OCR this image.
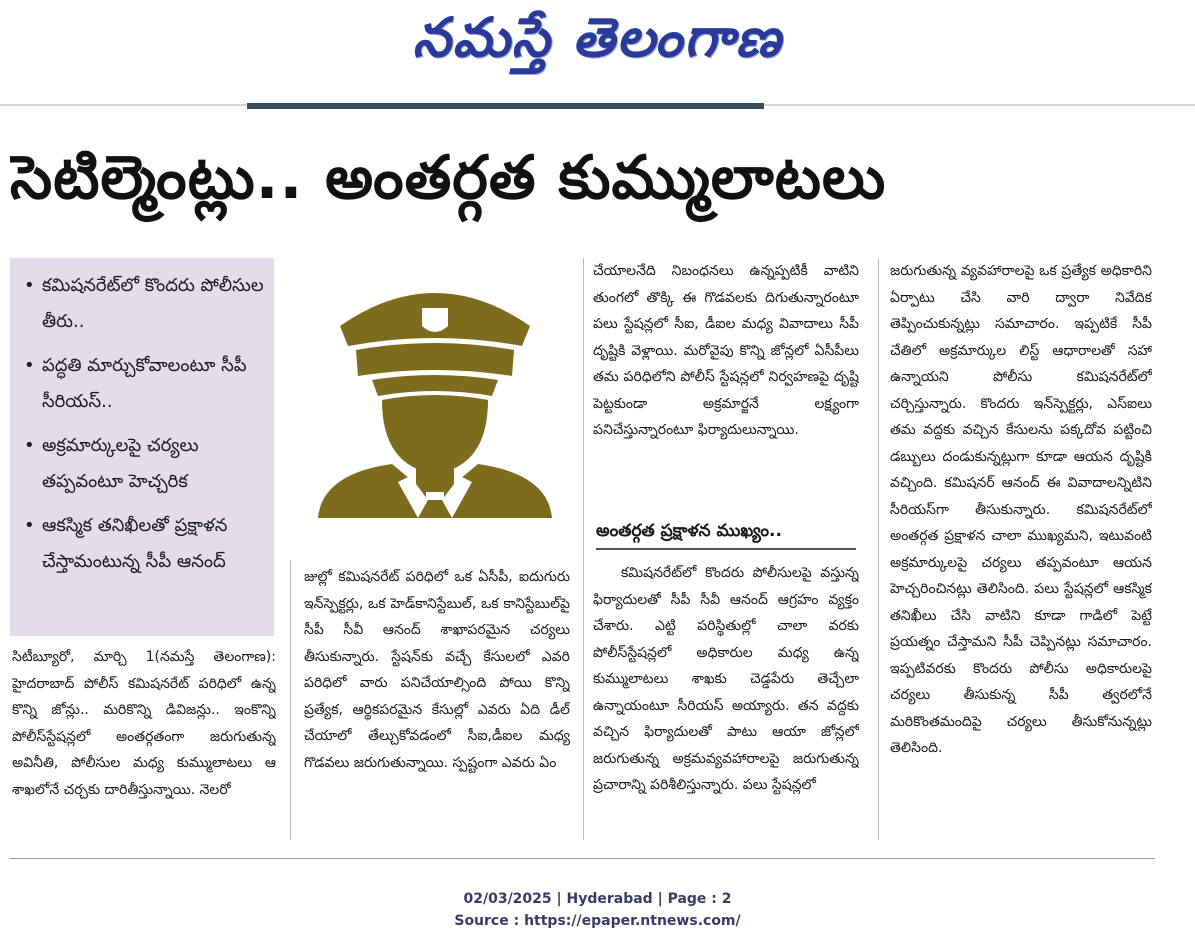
నమస్తే తెలంగాణ
సెటిల్మెంట్లు.. అంతర్గత కుమ్ములాటలు
• కమిషనరేట్‌లో కొందరు పోలీసుల తీరు..
• పద్ధతి మార్చుకోవాలంటూ సీపీ సీరియస్..
• అక్రమార్కులపై చర్యలు తప్పవంటూ హెచ్చరిక
• ఆకస్మిక తనిఖీలతో ప్రక్షాళన చేస్తామంటున్న సీపీ ఆనంద్

సిటీబ్యూరో, మార్చి 1(నమస్తే తెలంగాణ): హైదరాబాద్ పోలీస్ కమిషనరేట్ పరిధిలో ఉన్న కొన్ని జోన్లు.. మరికొన్ని డివిజన్లు.. ఇంకొన్ని పోలీస్‌స్టేషన్లలో అంతర్గతంగా జరుగుతున్న అవినీతి, పోలీసుల మధ్య కుమ్ములాటలు ఆ శాఖలోనే చర్చకు దారితీస్తున్నాయి. నెలరో

జుల్లో కమిషనరేట్ పరిధిలో ఒక ఏసీపీ, ఐదుగురు ఇన్‌స్పెక్టర్లు, ఒక హెడ్‌కానిస్టేబుల్, ఒక కానిస్టేబుల్‌పై సీపీ సీవీ ఆనంద్ శాఖాపరమైన చర్యలు తీసుకున్నారు. స్టేషన్‌కు వచ్చే కేసులలో ఎవరి పరిధిలో వారు పనిచేయాల్సింది పోయి కొన్ని ప్రత్యేక, ఆర్థికపరమైన కేసుల్లో ఎవరు ఏది డీల్ చేయాలో తేల్చుకోవడంలో సీఐ,డీఐల మధ్య గొడవలు జరుగుతున్నాయి. స్పష్టంగా ఎవరు ఏం

చేయాలనేది నిబంధనలు ఉన్నప్పటికీ వాటిని తుంగలో తొక్కి ఈ గొడవలకు దిగుతున్నారంటూ పలు స్టేషన్లలో సీఐ, డీఐల మధ్య వివాదాలు సీపీ దృష్టికి వెళ్లాయి. మరోవైపు కొన్ని జోన్లలో ఏసీపీలు తమ పరిధిలోని పోలీస్ స్టేషన్లలో నిర్వహణపై దృష్టి పెట్టకుండా అక్రమార్జనే లక్ష్యంగా పనిచేస్తున్నారంటూ ఫిర్యాదులున్నాయి.

అంతర్గత ప్రక్షాళన ముఖ్యం..

కమిషనరేట్‌లో కొందరు పోలీసులపై వస్తున్న ఫిర్యాదులతో సీపీ సీవీ ఆనంద్ ఆగ్రహం వ్యక్తం చేశారు. ఎట్టి పరిస్థితుల్లో చాలా వరకు పోలీస్‌స్టేషన్లలో అధికారుల మధ్య ఉన్న కుమ్ములాటలు శాఖకు చెడ్డపేరు తెచ్చేలా ఉన్నాయంటూ సీరియస్ అయ్యారు. తన వద్దకు వచ్చిన ఫిర్యాదులతో పాటు ఆయా జోన్లలో జరుగుతున్న అక్రమవ్యవహారాలపై జరుగుతున్న ప్రచారాన్ని పరిశీలిస్తున్నారు. పలు స్టేషన్లలో

జరుగుతున్న వ్యవహారాలపై ఒక ప్రత్యేక అధికారిని ఏర్పాటు చేసి వారి ద్వారా నివేదిక తెప్పించుకున్నట్లు సమాచారం. ఇప్పటికే సీపీ చేతిలో అక్రమార్కుల లిస్ట్ ఆధారాలతో సహా ఉన్నాయని పోలీసు కమిషనరేట్‌లో చర్చిస్తున్నారు. కొందరు ఇన్‌స్పెక్టర్లు, ఎస్‌ఐలు తమ వద్దకు వచ్చిన కేసులను పక్కదోవ పట్టించి డబ్బులు దండుకున్నట్లుగా కూడా ఆయన దృష్టికి వచ్చింది. కమిషనర్ ఆనంద్ ఈ వివాదాలన్నిటిని సీరియస్‌గా తీసుకున్నారు. కమిషనరేట్‌లో అంతర్గత ప్రక్షాళన చాలా ముఖ్యమని, ఇటువంటి అక్రమార్కులపై చర్యలు తప్పవంటూ ఆయన హెచ్చరించినట్లు తెలిసింది. పలు స్టేషన్లలో ఆకస్మిక తనిఖీలు చేసి వాటిని కూడా గాడిలో పెట్టే ప్రయత్నం చేస్తామని సీపీ చెప్పినట్లు సమాచారం. ఇప్పటివరకు కొందరు పోలీసు అధికారులపై చర్యలు తీసుకున్న సీపీ త్వరలోనే మరికొంతమందిపై చర్యలు తీసుకోనున్నట్లు తెలిసింది.

02/03/2025 | Hyderabad | Page : 2
Source : https://epaper.ntnews.com/
